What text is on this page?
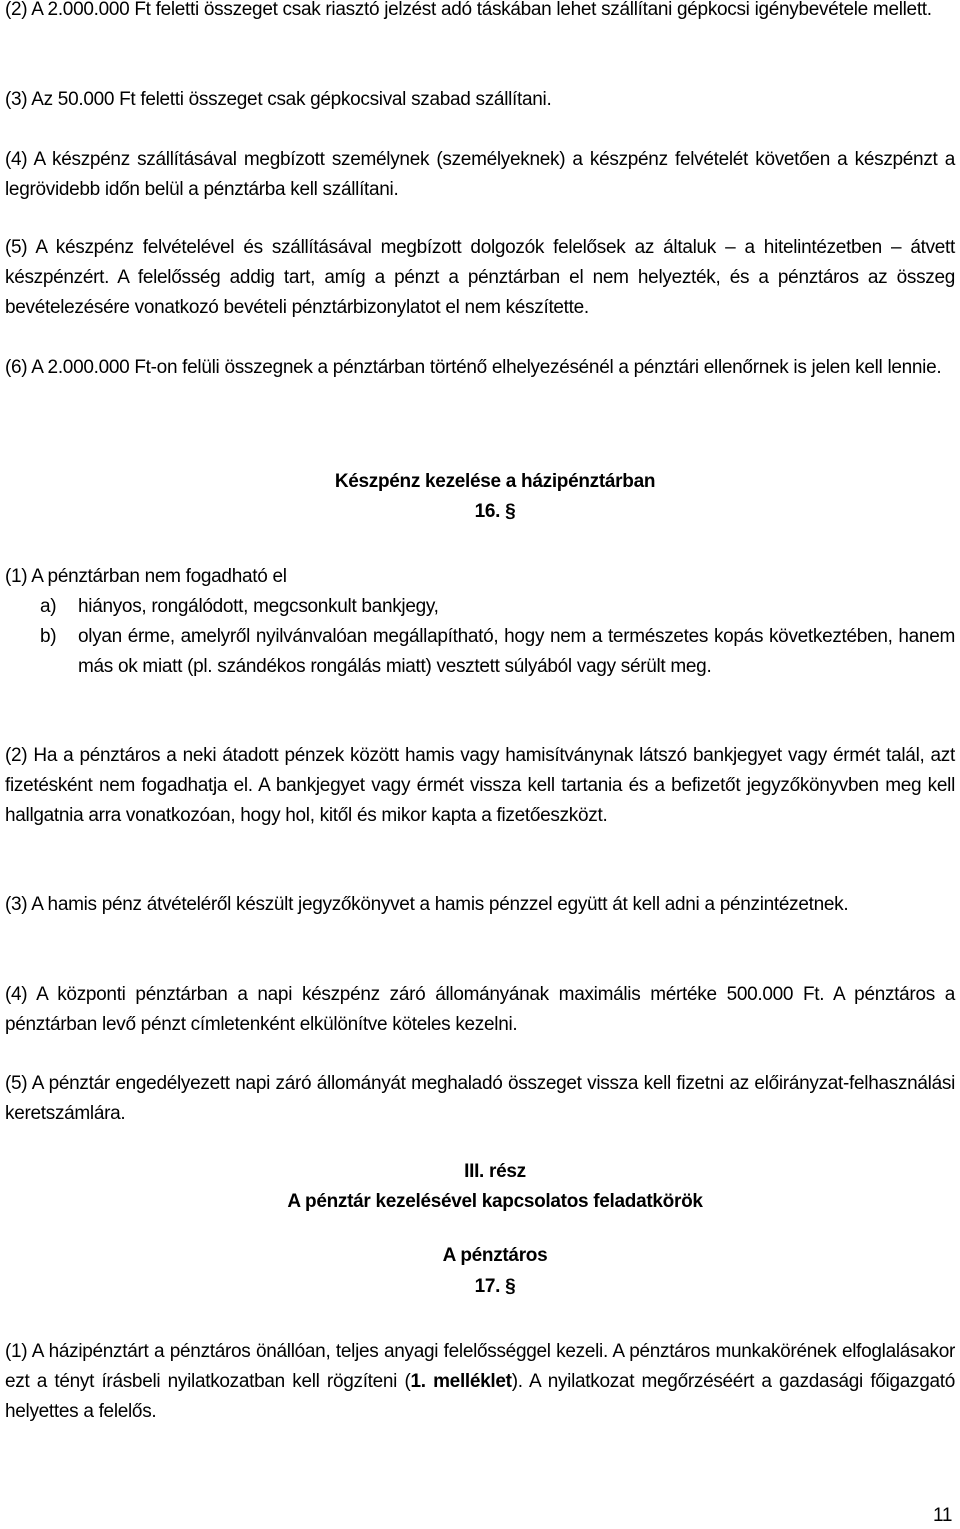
(2) A 2.000.000 Ft feletti összeget csak riasztó jelzést adó táskában lehet szállítani gépkocsi igénybevétele mellett.

(3) Az 50.000 Ft feletti összeget csak gépkocsival szabad szállítani.

(4) A készpénz szállításával megbízott személynek (személyeknek) a készpénz felvételét követően a készpénzt a legrövidebb időn belül a pénztárba kell szállítani.

(5) A készpénz felvételével és szállításával megbízott dolgozók felelősek az általuk – a hitelintézetben – átvett készpénzért. A felelősség addig tart, amíg a pénzt a pénztárban el nem helyezték, és a pénztáros az összeg bevételezésére vonatkozó bevételi pénztárbizonylatot el nem készítette.

(6) A 2.000.000 Ft-on felüli összegnek a pénztárban történő elhelyezésénél a pénztári ellenőrnek is jelen kell lennie.

Készpénz kezelése a házipénztárban

16. §

(1) A pénztárban nem fogadható el

a) hiányos, rongálódott, megcsonkult bankjegy,
b) olyan érme, amelyről nyilvánvalóan megállapítható, hogy nem a természetes kopás következtében, hanem más ok miatt (pl. szándékos rongálás miatt) vesztett súlyából vagy sérült meg.

(2) Ha a pénztáros a neki átadott pénzek között hamis vagy hamisítványnak látszó bankjegyet vagy érmét talál, azt fizetésként nem fogadhatja el. A bankjegyet vagy érmét vissza kell tartania és a befizetőt jegyzőkönyvben meg kell hallgatnia arra vonatkozóan, hogy hol, kitől és mikor kapta a fizetőeszközt.

(3) A hamis pénz átvételéről készült jegyzőkönyvet a hamis pénzzel együtt át kell adni a pénzintézetnek.

(4) A központi pénztárban a napi készpénz záró állományának maximális mértéke 500.000 Ft. A pénztáros a pénztárban levő pénzt címletenként elkülönítve köteles kezelni.

(5) A pénztár engedélyezett napi záró állományát meghaladó összeget vissza kell fizetni az előirányzat-felhasználási keretszámlára.

III. rész

A pénztár kezelésével kapcsolatos feladatkörök

A pénztáros

17. §

(1) A házipénztárt a pénztáros önállóan, teljes anyagi felelősséggel kezeli. A pénztáros munkakörének elfoglalásakor ezt a tényt írásbeli nyilatkozatban kell rögzíteni (1. melléklet). A nyilatkozat megőrzéséért a gazdasági főigazgató helyettes a felelős.

11
